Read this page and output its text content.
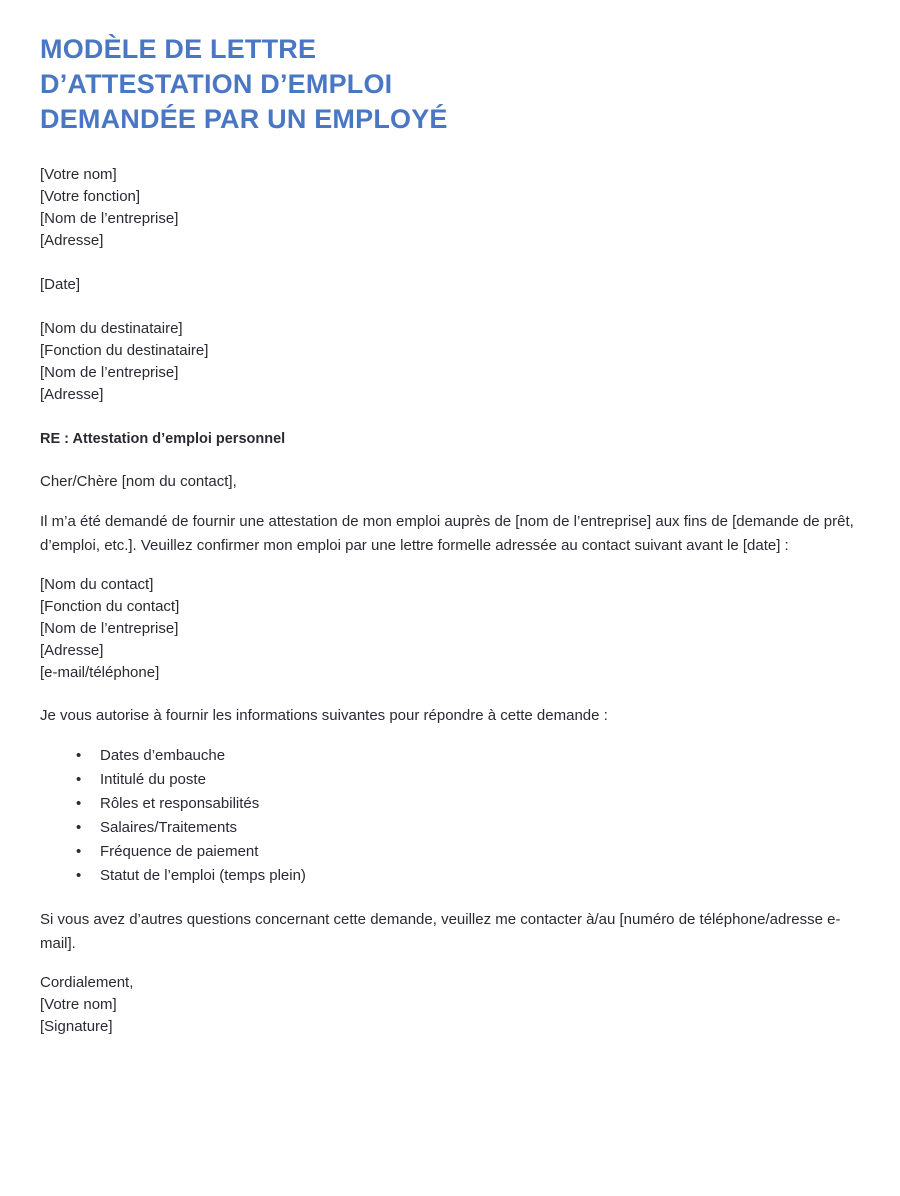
MODÈLE DE LETTRE
D’ATTESTATION D’EMPLOI
DEMANDÉE PAR UN EMPLOYÉ
[Votre nom]
[Votre fonction]
[Nom de l’entreprise]
[Adresse]
[Date]
[Nom du destinataire]
[Fonction du destinataire]
[Nom de l’entreprise]
[Adresse]

RE : Attestation d’emploi personnel

Cher/Chère [nom du contact],

Il m’a été demandé de fournir une attestation de mon emploi auprès de [nom de l’entreprise] aux fins de [demande de prêt, d’emploi, etc.]. Veuillez confirmer mon emploi par une lettre formelle adressée au contact suivant avant le [date] :

[Nom du contact]
[Fonction du contact]
[Nom de l’entreprise]
[Adresse]
[e-mail/téléphone]

Je vous autorise à fournir les informations suivantes pour répondre à cette demande :

• Dates d’embauche
• Intitulé du poste
• Rôles et responsabilités
• Salaires/Traitements
• Fréquence de paiement
• Statut de l’emploi (temps plein)

Si vous avez d’autres questions concernant cette demande, veuillez me contacter à/au [numéro de téléphone/adresse e-mail].

Cordialement,
[Votre nom]
[Signature]
